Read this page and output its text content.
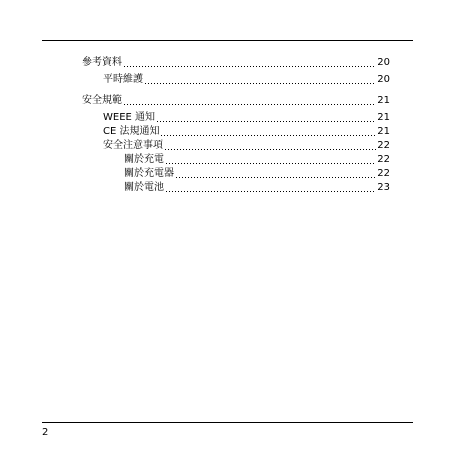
參考資料	20
平時維護	20
安全規範	21
WEEE 通知	21
CE 法規通知	21
安全注意事項	22
關於充電	22
關於充電器	22
關於電池	23
2
